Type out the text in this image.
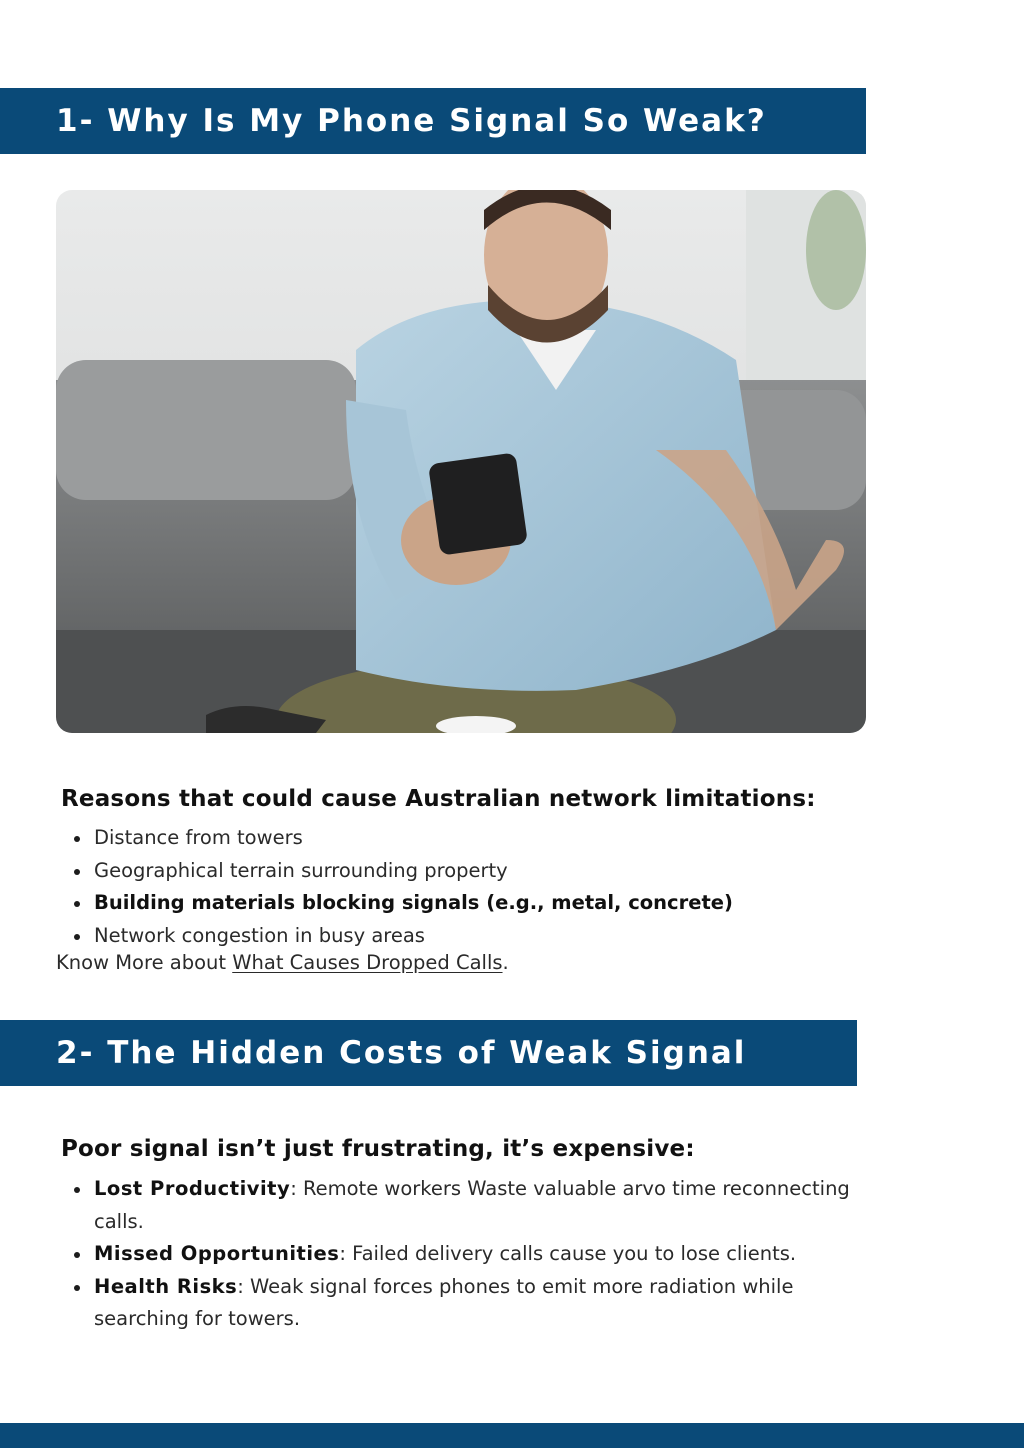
1- Why Is My Phone Signal So Weak?
Reasons that could cause Australian network limitations:
Distance from towers
Geographical terrain surrounding property
Building materials blocking signals (e.g., metal, concrete)
Network congestion in busy areas
Know More about What Causes Dropped Calls.
2- The Hidden Costs of Weak Signal
Poor signal isn’t just frustrating, it’s expensive:
Lost Productivity: Remote workers Waste valuable arvo time reconnecting calls.
Missed Opportunities: Failed delivery calls cause you to lose clients.
Health Risks: Weak signal forces phones to emit more radiation while searching for towers.
